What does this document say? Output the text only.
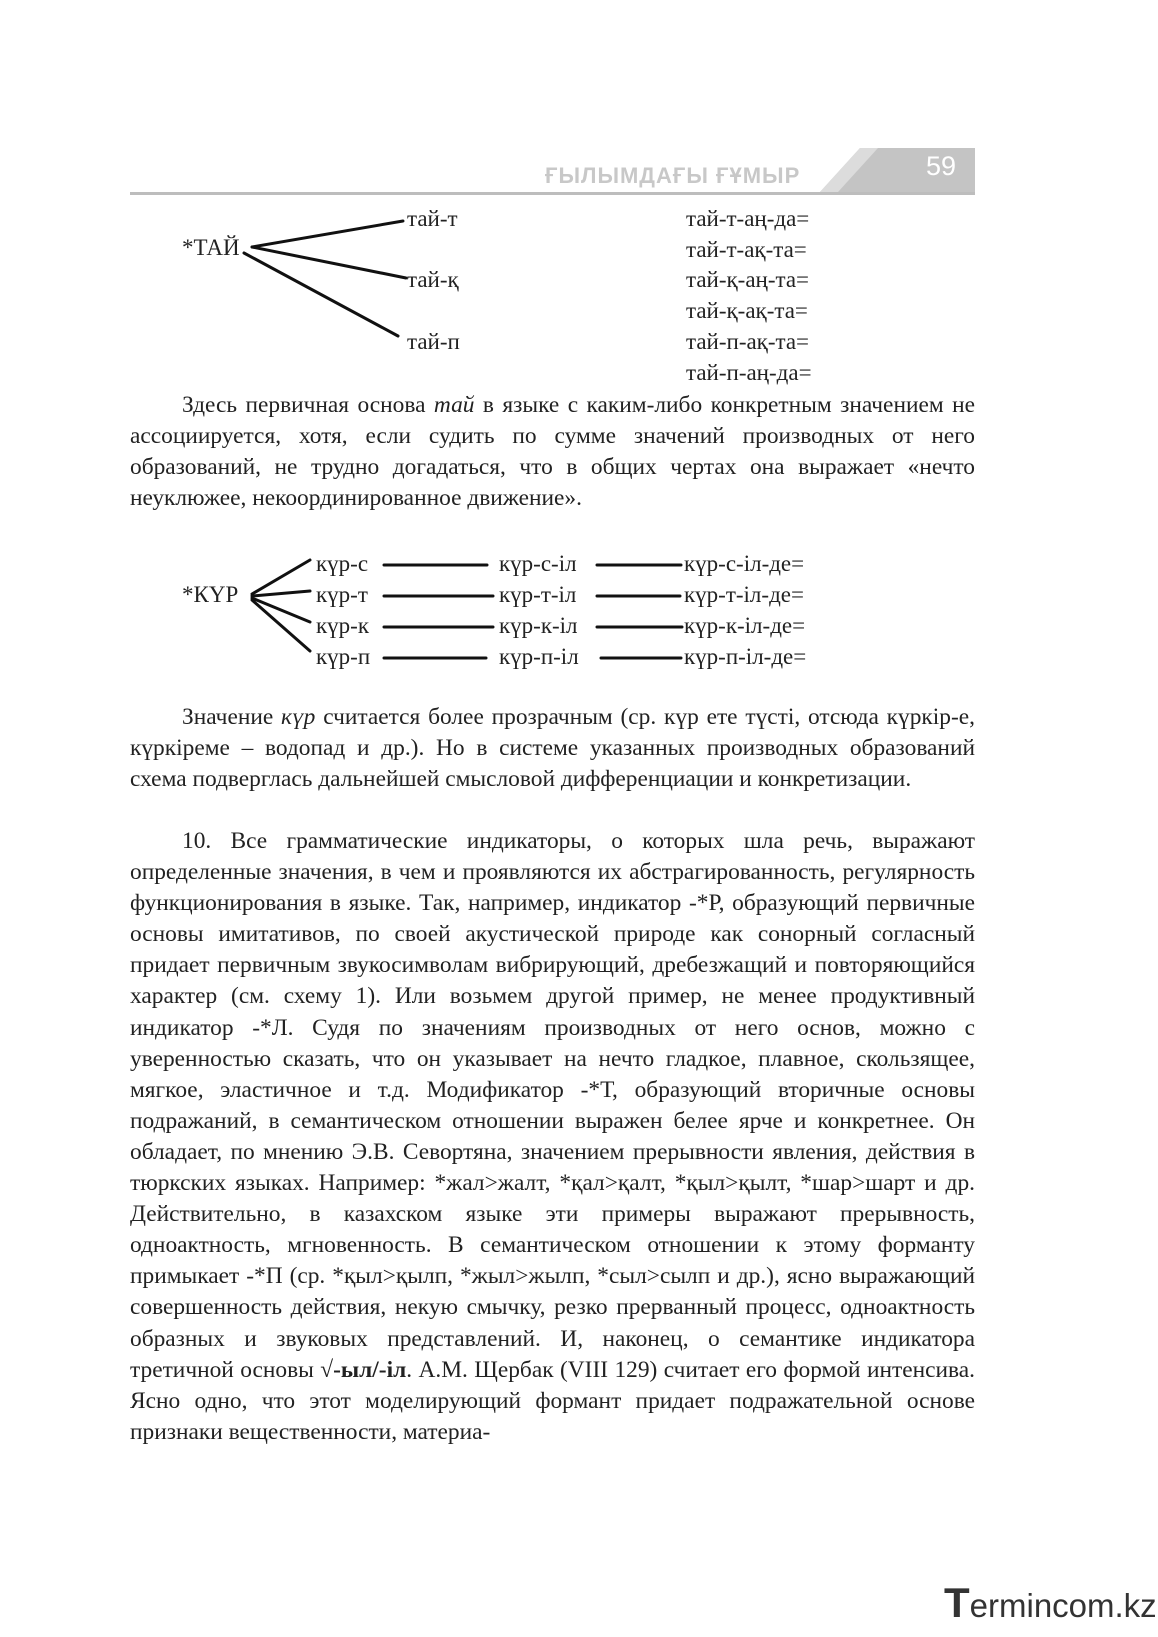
ҒЫЛЫМДАҒЫ ҒҰМЫР	59
*ТАЙ
тай-т
тай-қ
тай-п
тай-т-аң-да=
тай-т-ақ-та=
тай-қ-аң-та=
тай-қ-ақ-та=
тай-п-ақ-та=
тай-п-аң-да=

Здесь первичная основа тай в языке с каким-либо конкретным значением не ассоциируется, хотя, если судить по сумме значений производных от него образований, не трудно догадаться, что в общих чертах она выражает «нечто неуклюжее, некоординированное движение».

*КҮР
күр-с
күр-т
күр-к
күр-п
күр-с-іл
күр-т-іл
күр-к-іл
күр-п-іл
күр-с-іл-де=
күр-т-іл-де=
күр-к-іл-де=
күр-п-іл-де=

Значение күр считается более прозрачным (ср. күр ете түсті, отсюда күркір-е, күркіреме – водопад и др.). Но в системе указанных производных образований схема подверглась дальнейшей смысловой дифференциации и конкретизации.

10. Все грамматические индикаторы, о которых шла речь, выражают определенные значения, в чем и проявляются их абстрагированность, регулярность функционирования в языке. Так, например, индикатор -*Р, образующий первичные основы имитативов, по своей акустической природе как сонорный согласный придает первичным звукосимволам вибрирующий, дребезжащий и повторяющийся характер (см. схему 1). Или возьмем другой пример, не менее продуктивный индикатор -*Л. Судя по значениям производных от него основ, можно с уверенностью сказать, что он указывает на нечто гладкое, плавное, скользящее, мягкое, эластичное и т.д. Модификатор -*Т, образующий вторичные основы подражаний, в семантическом отношении выражен белее ярче и конкретнее. Он обладает, по мнению Э.В. Севортяна, значением прерывности явления, действия в тюркских языках. Например: *жал>жалт, *қал>қалт, *қыл>қылт, *шар>шарт и др. Действительно, в казахском языке эти примеры выражают прерывность, одноактность, мгновенность. В семантическом отношении к этому форманту примыкает -*П (ср. *қыл>қылп, *жыл>жылп, *сыл>сылп и др.), ясно выражающий совершенность действия, некую смычку, резко прерванный процесс, одноактность образных и звуковых представлений. И, наконец, о семантике индикатора третичной основы √-ыл/-іл. А.М. Щербак (VIII 129) считает его формой интенсива. Ясно одно, что этот моделирующий формант придает подражательной основе признаки вещественности, материа-

Termincom.kz
